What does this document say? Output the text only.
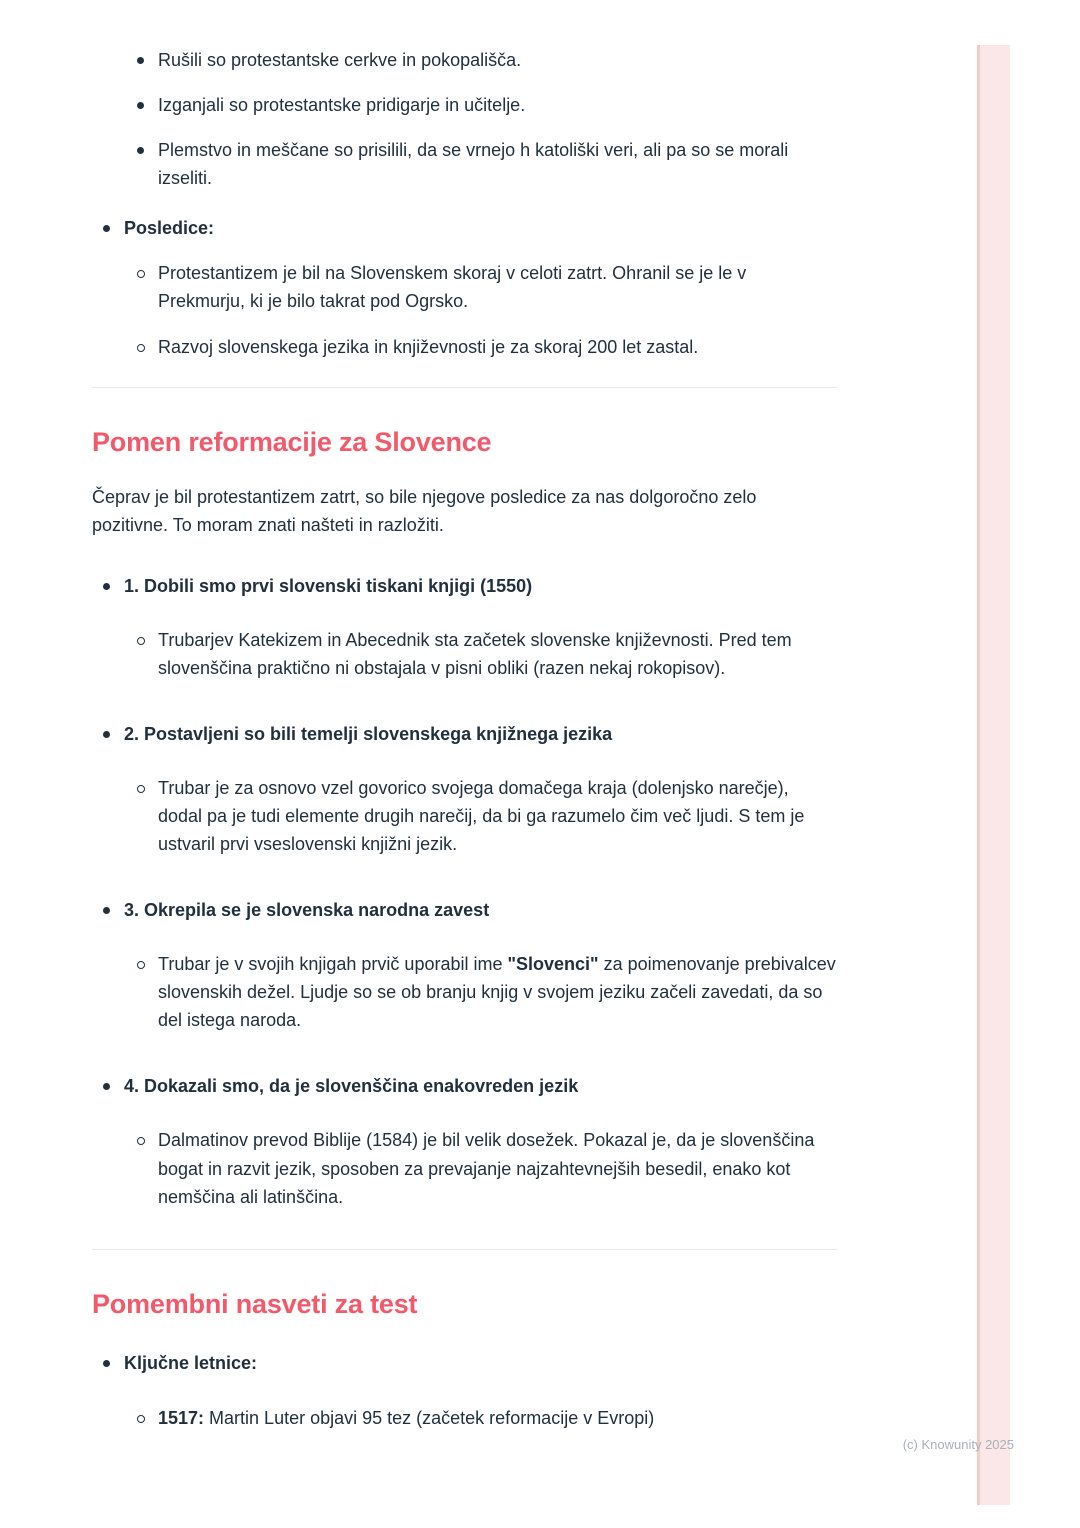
Rušili so protestantske cerkve in pokopališča.
Izganjali so protestantske pridigarje in učitelje.
Plemstvo in meščane so prisilili, da se vrnejo h katoliški veri, ali pa so se morali izseliti.
Posledice:
Protestantizem je bil na Slovenskem skoraj v celoti zatrt. Ohranil se je le v Prekmurju, ki je bilo takrat pod Ogrsko.
Razvoj slovenskega jezika in književnosti je za skoraj 200 let zastal.
Pomen reformacije za Slovence

Čeprav je bil protestantizem zatrt, so bile njegove posledice za nas dolgoročno zelo pozitivne. To moram znati našteti in razložiti.

1. Dobili smo prvi slovenski tiskani knjigi (1550)
Trubarjev Katekizem in Abecednik sta začetek slovenske književnosti. Pred tem slovenščina praktično ni obstajala v pisni obliki (razen nekaj rokopisov).
2. Postavljeni so bili temelji slovenskega knjižnega jezika
Trubar je za osnovo vzel govorico svojega domačega kraja (dolenjsko narečje), dodal pa je tudi elemente drugih narečij, da bi ga razumelo čim več ljudi. S tem je ustvaril prvi vseslovenski knjižni jezik.
3. Okrepila se je slovenska narodna zavest
Trubar je v svojih knjigah prvič uporabil ime "Slovenci" za poimenovanje prebivalcev slovenskih dežel. Ljudje so se ob branju knjig v svojem jeziku začeli zavedati, da so del istega naroda.
4. Dokazali smo, da je slovenščina enakovreden jezik
Dalmatinov prevod Biblije (1584) je bil velik dosežek. Pokazal je, da je slovenščina bogat in razvit jezik, sposoben za prevajanje najzahtevnejših besedil, enako kot nemščina ali latinščina.
Pomembni nasveti za test
Ključne letnice:
1517: Martin Luter objavi 95 tez (začetek reformacije v Evropi)
(c) Knowunity 2025
